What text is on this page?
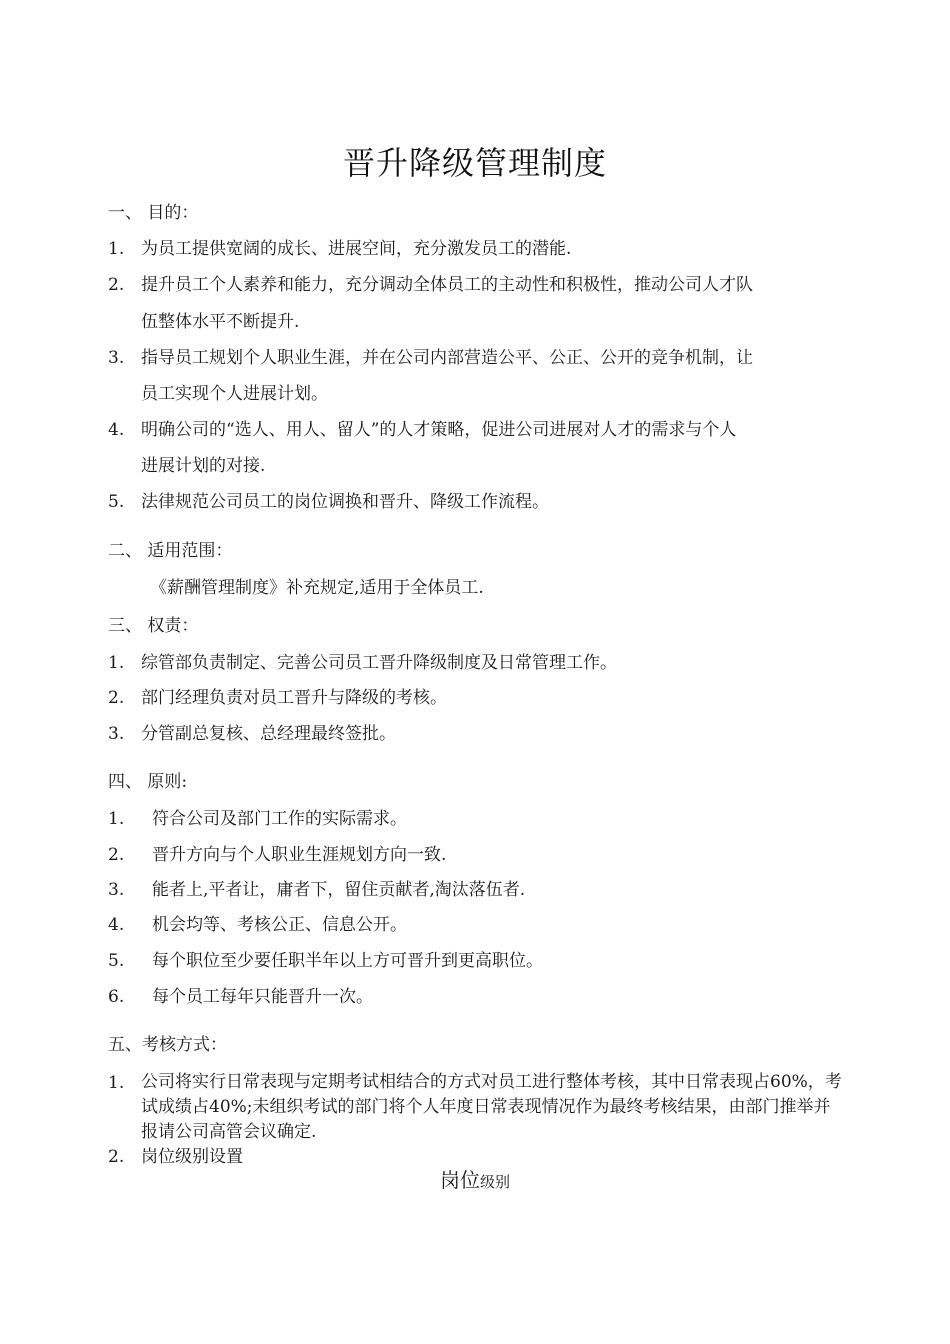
晋升降级管理制度
一、 目的：
1. 为员工提供宽阔的成长、进展空间，充分激发员工的潜能.
2. 提升员工个人素养和能力，充分调动全体员工的主动性和积极性，推动公司人才队
伍整体水平不断提升.
3. 指导员工规划个人职业生涯，并在公司内部营造公平、公正、公开的竞争机制，让
员工实现个人进展计划。
4. 明确公司的“选人、用人、留人”的人才策略，促进公司进展对人才的需求与个人
进展计划的对接.
5. 法律规范公司员工的岗位调换和晋升、降级工作流程。
二、 适用范围：
《薪酬管理制度》补充规定,适用于全体员工.
三、 权责：
1. 综管部负责制定、完善公司员工晋升降级制度及日常管理工作。
2. 部门经理负责对员工晋升与降级的考核。
3. 分管副总复核、总经理最终签批。
四、 原则:
1. 符合公司及部门工作的实际需求。
2. 晋升方向与个人职业生涯规划方向一致.
3. 能者上,平者让，庸者下，留住贡献者,淘汰落伍者.
4. 机会均等、考核公正、信息公开。
5. 每个职位至少要任职半年以上方可晋升到更高职位。
6. 每个员工每年只能晋升一次。
五、考核方式：
1. 公司将实行日常表现与定期考试相结合的方式对员工进行整体考核，其中日常表现占60%，考试成绩占40%;未组织考试的部门将个人年度日常表现情况作为最终考核结果，由部门推举并报请公司高管会议确定.
2. 岗位级别设置
岗位级别
